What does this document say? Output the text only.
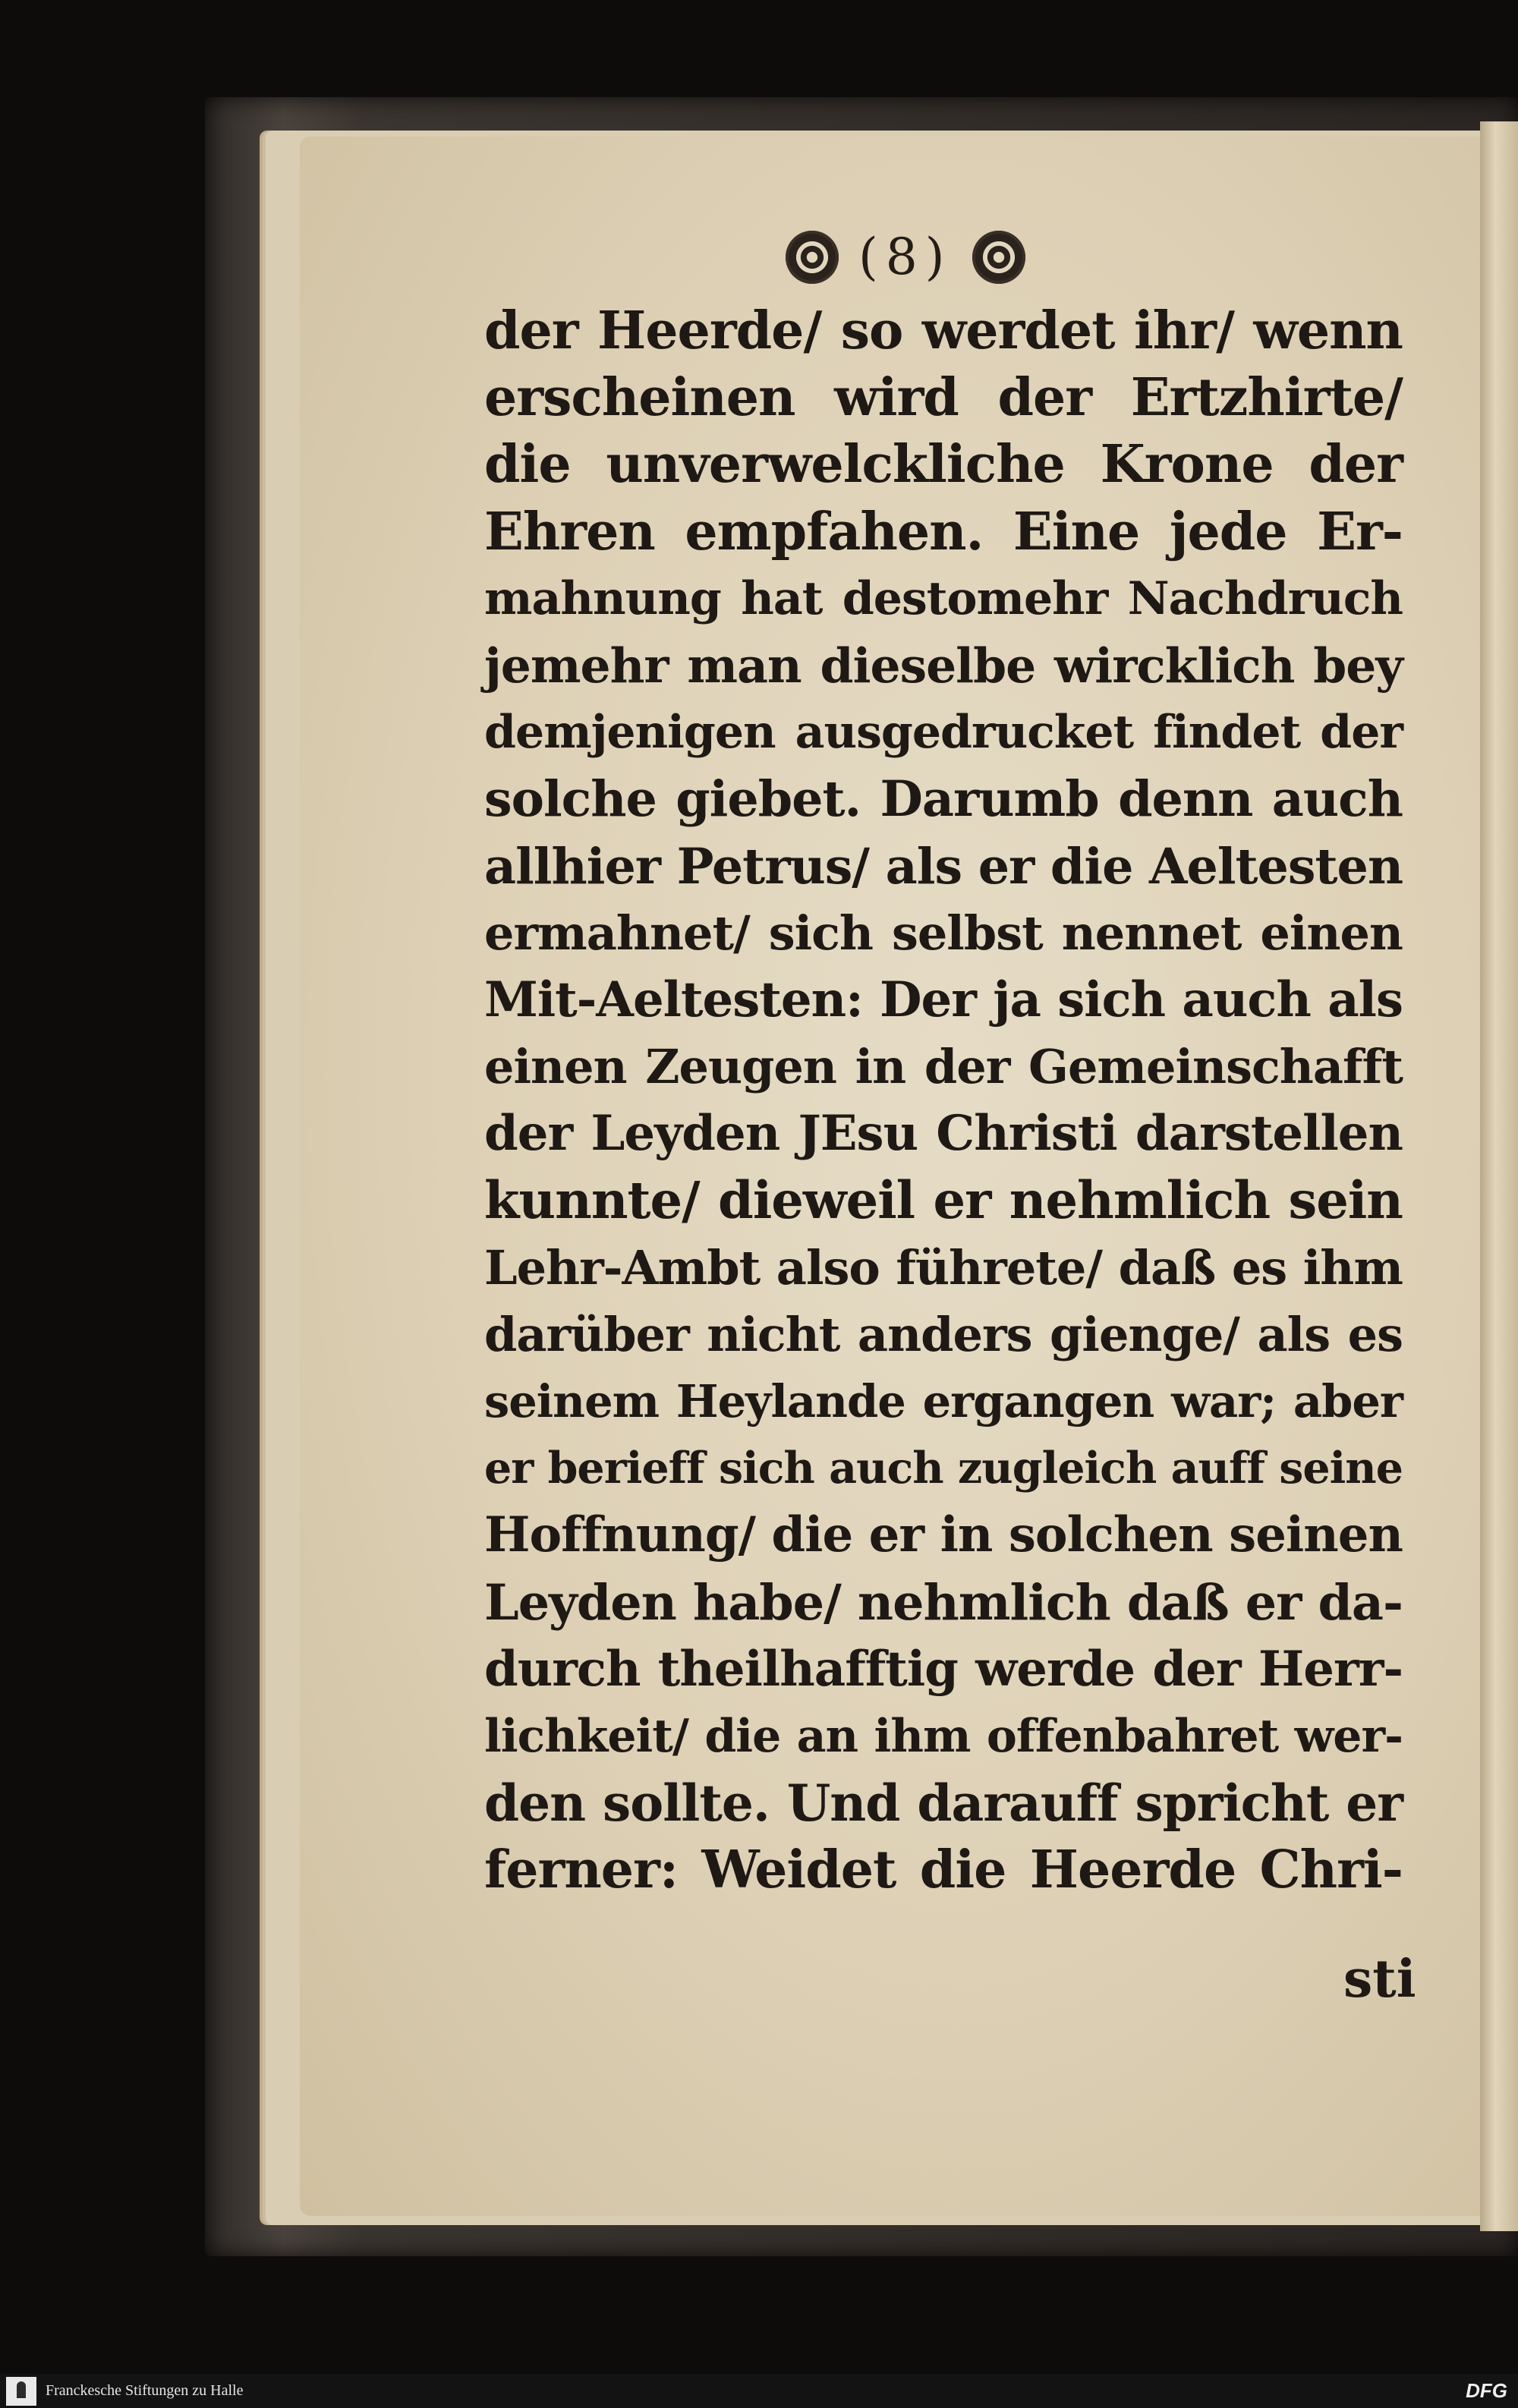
(8)
der Heerde/ so werdet ihr/ wenn
erscheinen wird der Ertzhirte/
die unverwelckliche Krone der
Ehren empfahen. Eine jede Er-
mahnung hat destomehr Nachdruch
jemehr man dieselbe wircklich bey
demjenigen ausgedrucket findet der
solche giebet. Darumb denn auch
allhier Petrus/ als er die Aeltesten
ermahnet/ sich selbst nennet einen
Mit-Aeltesten: Der ja sich auch als
einen Zeugen in der Gemeinschafft
der Leyden JEsu Christi darstellen
kunnte/ dieweil er nehmlich sein
Lehr-Ambt also führete/ daß es ihm
darüber nicht anders gienge/ als es
seinem Heylande ergangen war; aber
er berieff sich auch zugleich auff seine
Hoffnung/ die er in solchen seinen
Leyden habe/ nehmlich daß er da-
durch theilhafftig werde der Herr-
lichkeit/ die an ihm offenbahret wer-
den sollte. Und darauff spricht er
ferner: Weidet die Heerde Chri-
sti
Franckesche Stiftungen zu Halle	DFG
